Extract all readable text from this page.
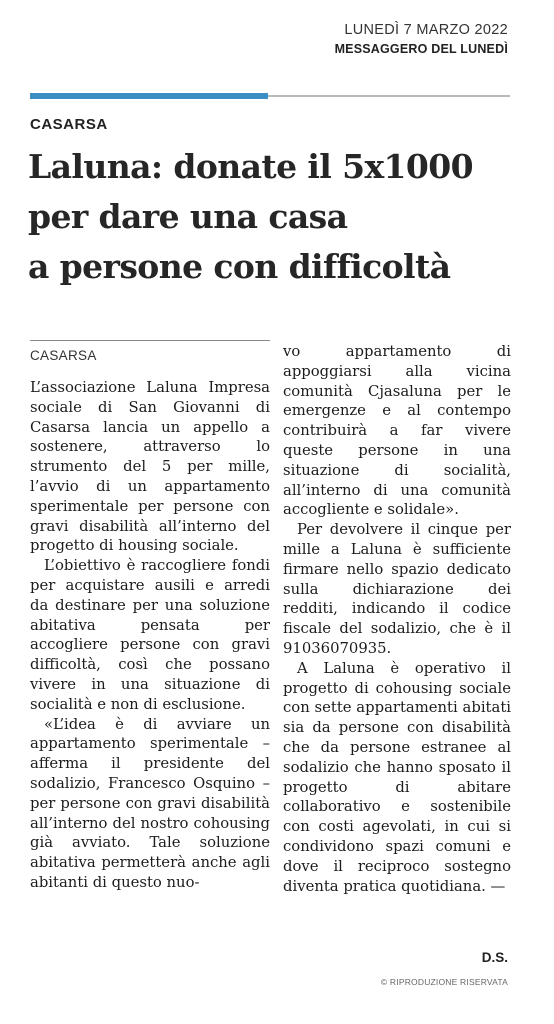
LUNEDÌ 7 MARZO 2022
MESSAGGERO DEL LUNEDÌ
CASARSA
Laluna: donate il 5x1000
per dare una casa
a persone con difficoltà
CASARSA

L’associazione Laluna Impresa sociale di San Giovanni di Casarsa lancia un appello a sostenere, attraverso lo strumento del 5 per mille, l’avvio di un appartamento sperimentale per persone con gravi disabilità all’interno del progetto di housing sociale.

L’obiettivo è raccogliere fondi per acquistare ausili e arredi da destinare per una soluzione abitativa pensata per accogliere persone con gravi difficoltà, così che possano vivere in una situazione di socialità e non di esclusione.

«L’idea è di avviare un appartamento sperimentale – afferma il presidente del sodalizio, Francesco Osquino – per persone con gravi disabilità all’interno del nostro cohousing già avviato. Tale soluzione abitativa permetterà anche agli abitanti di questo nuo-

vo appartamento di appoggiarsi alla vicina comunità Cjasaluna per le emergenze e al contempo contribuirà a far vivere queste persone in una situazione di socialità, all’interno di una comunità accogliente e solidale».

Per devolvere il cinque per mille a Laluna è sufficiente firmare nello spazio dedicato sulla dichiarazione dei redditi, indicando il codice fiscale del sodalizio, che è il 91036070935.

A Laluna è operativo il progetto di cohousing sociale con sette appartamenti abitati sia da persone con disabilità che da persone estranee al sodalizio che hanno sposato il progetto di abitare collaborativo e sostenibile con costi agevolati, in cui si condividono spazi comuni e dove il reciproco sostegno diventa pratica quotidiana. —

D.S.
© RIPRODUZIONE RISERVATA
